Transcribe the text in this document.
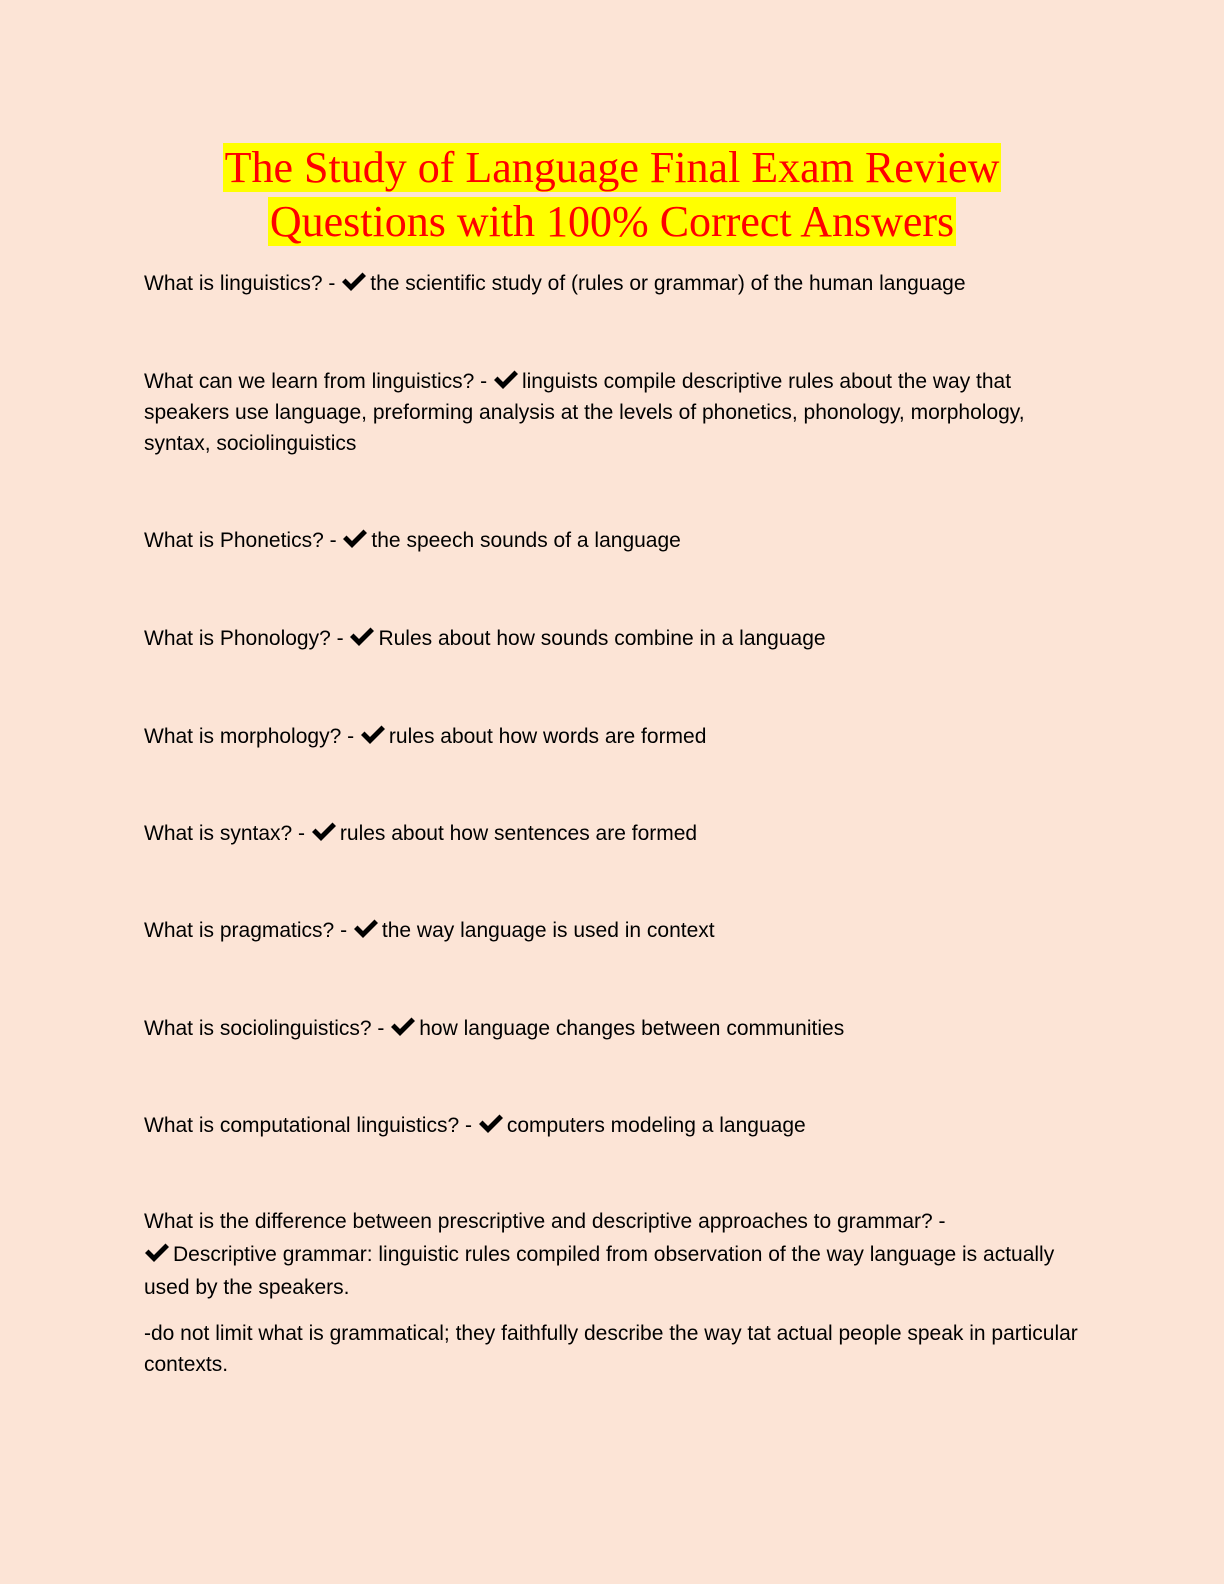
The Study of Language Final Exam Review
Questions with 100% Correct Answers

What is linguistics? -
the scientific study of (rules or grammar) of the human language

What can we learn from linguistics? -
linguists compile descriptive rules about the way that speakers use language, preforming analysis at the levels of phonetics, phonology, morphology, syntax, sociolinguistics

What is Phonetics? -
the speech sounds of a language

What is Phonology? -
Rules about how sounds combine in a language

What is morphology? -
rules about how words are formed

What is syntax? -
rules about how sentences are formed

What is pragmatics? -
the way language is used in context

What is sociolinguistics? -
how language changes between communities

What is computational linguistics? -
computers modeling a language

What is the difference between prescriptive and descriptive approaches to grammar? -

Descriptive grammar: linguistic rules compiled from observation of the way language is actually used by the speakers.

-do not limit what is grammatical; they faithfully describe the way tat actual people speak in particular contexts.
